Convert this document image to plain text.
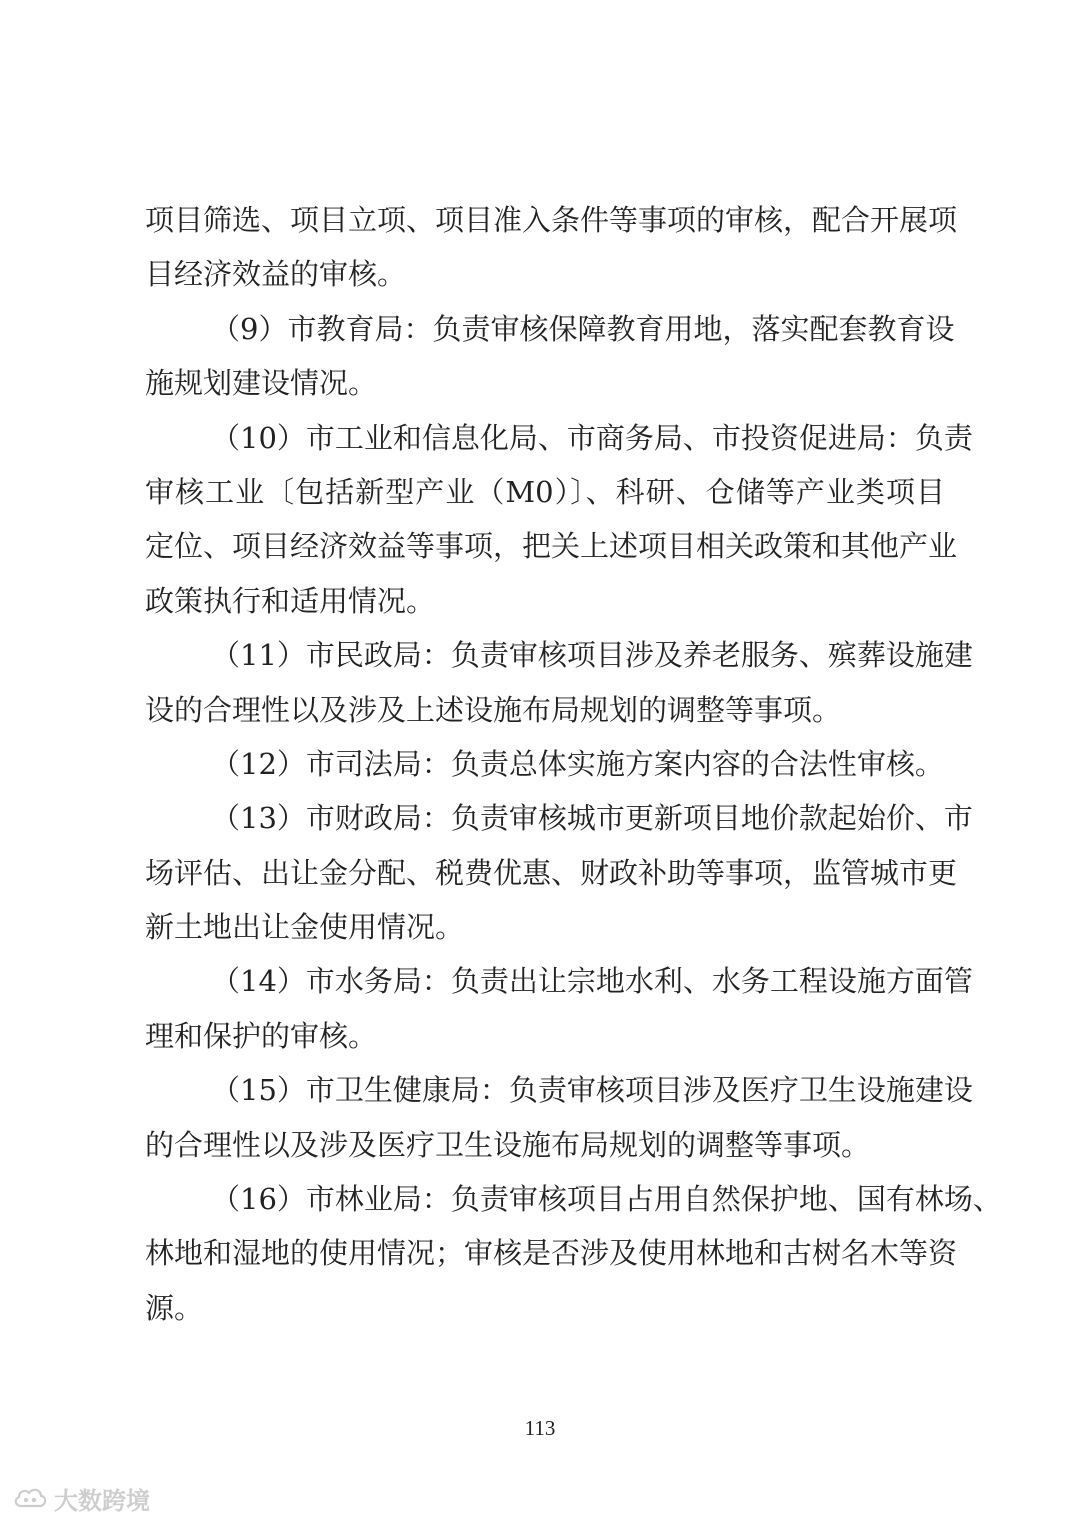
项目筛选、项目立项、项目准入条件等事项的审核，配合开展项
目经济效益的审核。
（9）市教育局：负责审核保障教育用地，落实配套教育设
施规划建设情况。
（10）市工业和信息化局、市商务局、市投资促进局：负责
审核工业〔包括新型产业（M0）〕、科研、仓储等产业类项目
定位、项目经济效益等事项，把关上述项目相关政策和其他产业
政策执行和适用情况。
（11）市民政局：负责审核项目涉及养老服务、殡葬设施建
设的合理性以及涉及上述设施布局规划的调整等事项。
（12）市司法局：负责总体实施方案内容的合法性审核。
（13）市财政局：负责审核城市更新项目地价款起始价、市
场评估、出让金分配、税费优惠、财政补助等事项，监管城市更
新土地出让金使用情况。
（14）市水务局：负责出让宗地水利、水务工程设施方面管
理和保护的审核。
（15）市卫生健康局：负责审核项目涉及医疗卫生设施建设
的合理性以及涉及医疗卫生设施布局规划的调整等事项。
（16）市林业局：负责审核项目占用自然保护地、国有林场、
林地和湿地的使用情况；审核是否涉及使用林地和古树名木等资
源。
113
大数跨境
